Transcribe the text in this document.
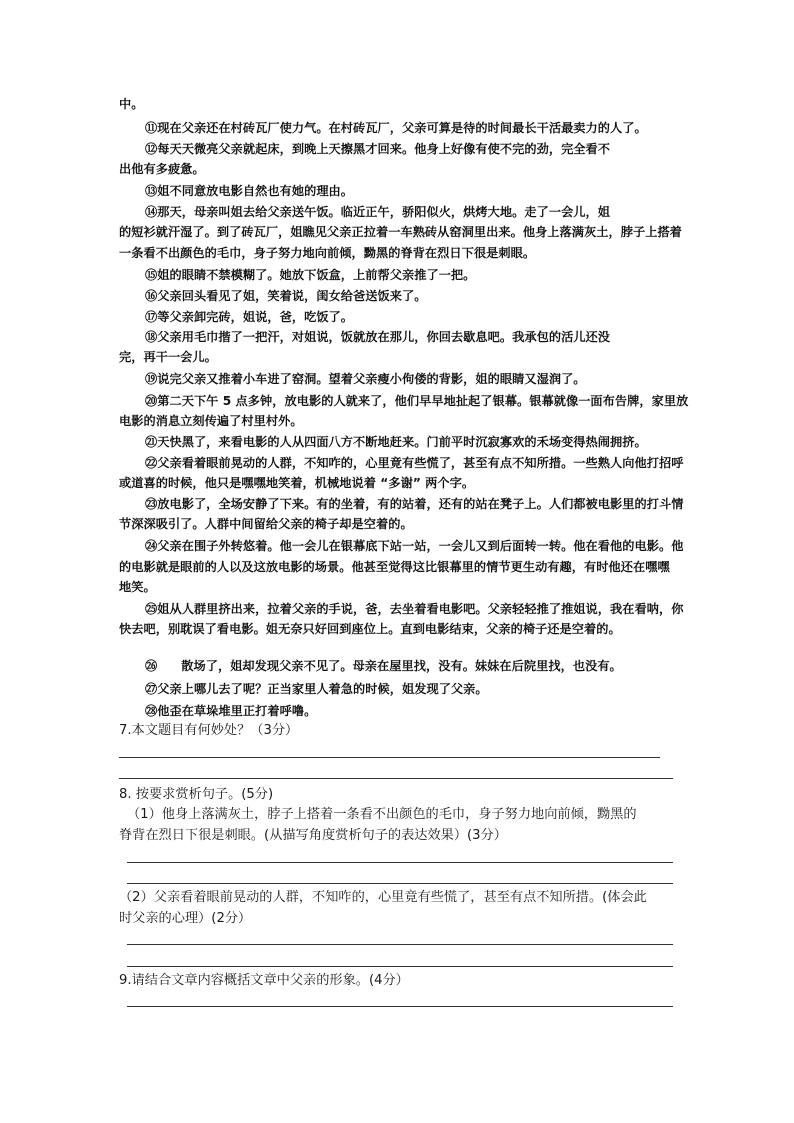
中。
⑪现在父亲还在村砖瓦厂使力气。在村砖瓦厂，父亲可算是待的时间最长干活最卖力的人了。
⑫每天天微亮父亲就起床，到晚上天擦黑才回来。他身上好像有使不完的劲，完全看不
出他有多疲惫。
⑬姐不同意放电影自然也有她的理由。
⑭那天，母亲叫姐去给父亲送午饭。临近正午，骄阳似火，烘烤大地。走了一会儿，姐
的短衫就汗湿了。到了砖瓦厂，姐瞧见父亲正拉着一车熟砖从窑洞里出来。他身上落满灰土，脖子上搭着
一条看不出颜色的毛巾，身子努力地向前倾，黝黑的脊背在烈日下很是刺眼。
⑮姐的眼睛不禁模糊了。她放下饭盒，上前帮父亲推了一把。
⑯父亲回头看见了姐，笑着说，闺女给爸送饭来了。
⑰等父亲卸完砖，姐说，爸，吃饭了。
⑱父亲用毛巾揩了一把汗，对姐说，饭就放在那儿，你回去歇息吧。我承包的活儿还没
完，再干一会儿。
⑲说完父亲又推着小车进了窑洞。望着父亲瘦小佝偻的背影，姐的眼睛又湿润了。
⑳第二天下午 5 点多钟，放电影的人就来了，他们早早地扯起了银幕。银幕就像一面布告牌，家里放
电影的消息立刻传遍了村里村外。
㉑天快黑了，来看电影的人从四面八方不断地赶来。门前平时沉寂寡欢的禾场变得热闹拥挤。
㉒父亲看着眼前晃动的人群，不知咋的，心里竟有些慌了，甚至有点不知所措。一些熟人向他打招呼
或道喜的时候，他只是嘿嘿地笑着，机械地说着 “多谢” 两个字。
㉓放电影了，全场安静了下来。有的坐着，有的站着，还有的站在凳子上。人们都被电影里的打斗情
节深深吸引了。人群中间留给父亲的椅子却是空着的。
㉔父亲在围子外转悠着。他一会儿在银幕底下站一站，一会儿又到后面转一转。他在看他的电影。他
的电影就是眼前的人以及这放电影的场景。他甚至觉得这比银幕里的情节更生动有趣，有时他还在嘿嘿
地笑。
㉕姐从人群里挤出来，拉着父亲的手说，爸，去坐着看电影吧。父亲轻轻推了推姐说，我在看呐，你
快去吧，别耽误了看电影。姐无奈只好回到座位上。直到电影结束，父亲的椅子还是空着的。
㉖ 散场了，姐却发现父亲不见了。母亲在屋里找，没有。妹妹在后院里找，也没有。
㉗父亲上哪儿去了呢？正当家里人着急的时候，姐发现了父亲。
㉘他歪在草垛堆里正打着呼噜。
7.本文题目有何妙处？（3分）
8. 按要求赏析句子。(5分)
（1）他身上落满灰土，脖子上搭着一条看不出颜色的毛巾，身子努力地向前倾，黝黑的
脊背在烈日下很是刺眼。(从描写角度赏析句子的表达效果）(3分）
（2）父亲看着眼前晃动的人群，不知咋的，心里竟有些慌了，甚至有点不知所措。(体会此
时父亲的心理）(2分）
9.请结合文章内容概括文章中父亲的形象。(4分）
